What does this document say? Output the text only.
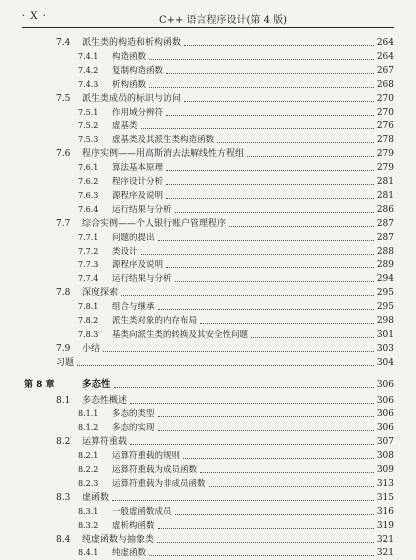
· X ·	C++ 语言程序设计(第 4 版)
7.4 派生类的构造和析构函数	264
7.4.1 构造函数	264
7.4.2 复制构造函数	267
7.4.3 析构函数	268
7.5 派生类成员的标识与访问	270
7.5.1 作用域分辨符	270
7.5.2 虚基类	276
7.5.3 虚基类及其派生类构造函数	278
7.6 程序实例——用高斯消去法解线性方程组	279
7.6.1 算法基本原理	279
7.6.2 程序设计分析	281
7.6.3 源程序及说明	281
7.6.4 运行结果与分析	286
7.7 综合实例——个人银行账户管理程序	287
7.7.1 问题的提出	287
7.7.2 类设计	288
7.7.3 源程序及说明	289
7.7.4 运行结果与分析	294
7.8 深度探索	295
7.8.1 组合与继承	295
7.8.2 派生类对象的内存布局	298
7.8.3 基类向派生类的转换及其安全性问题	301
7.9 小结	303
习题	304
第 8 章	多态性	306
8.1 多态性概述	306
8.1.1 多态的类型	306
8.1.2 多态的实现	306
8.2 运算符重载	307
8.2.1 运算符重载的规则	308
8.2.2 运算符重载为成员函数	309
8.2.3 运算符重载为非成员函数	313
8.3 虚函数	315
8.3.1 一般虚函数成员	316
8.3.2 虚析构函数	319
8.4 纯虚函数与抽象类	321
8.4.1 纯虚函数	321
